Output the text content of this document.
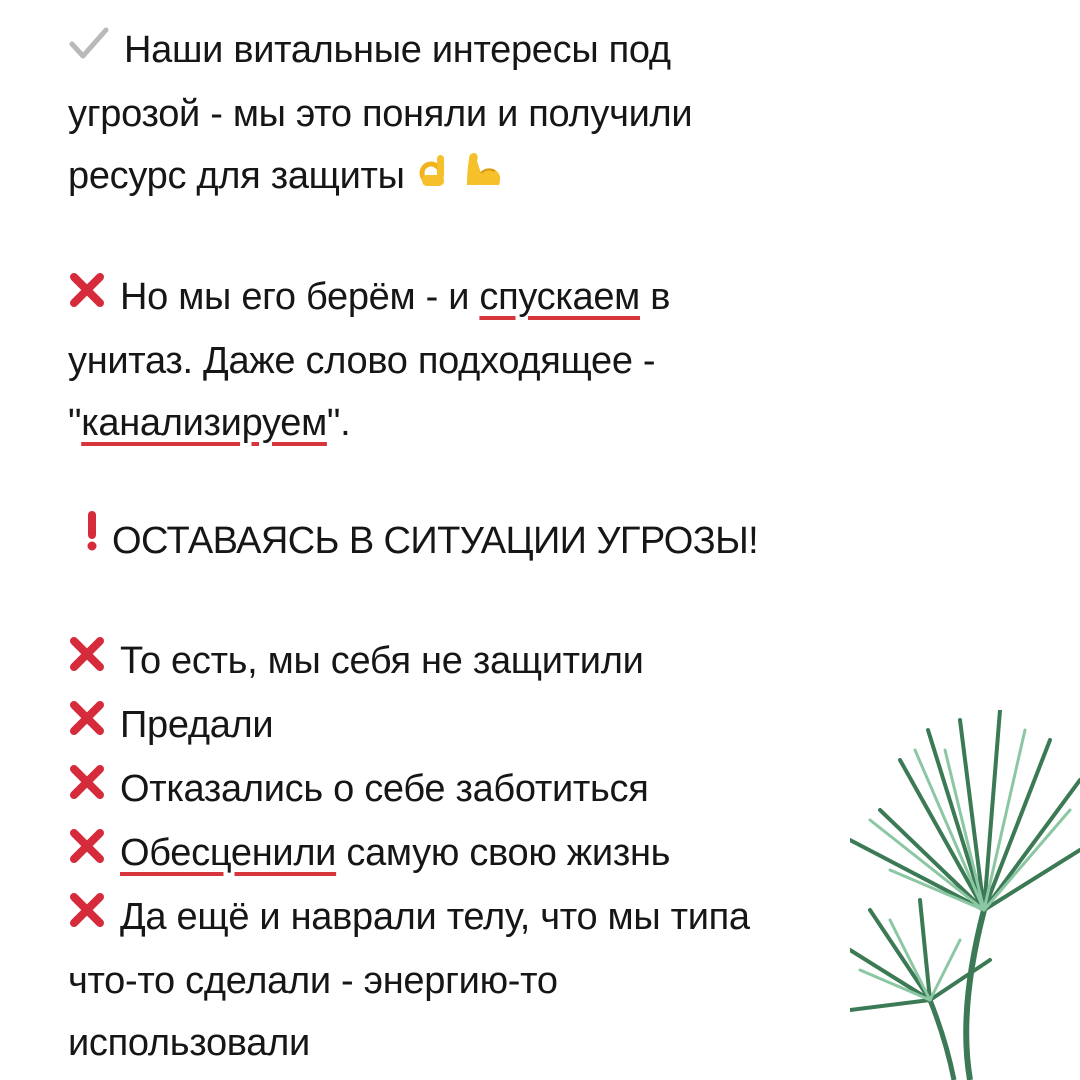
Наши витальные интересы под
угрозой - мы это поняли и получили
ресурс для защиты
Но мы его берём - и спускаем в
унитаз. Даже слово подходящее -
"канализируем".
ОСТАВАЯСЬ В СИТУАЦИИ УГРОЗЫ!
То есть, мы себя не защитили
Предали
Отказались о себе заботиться
Обесценили самую свою жизнь
Да ещё и наврали телу, что мы типа
что-то сделали - энергию-то
использовали
